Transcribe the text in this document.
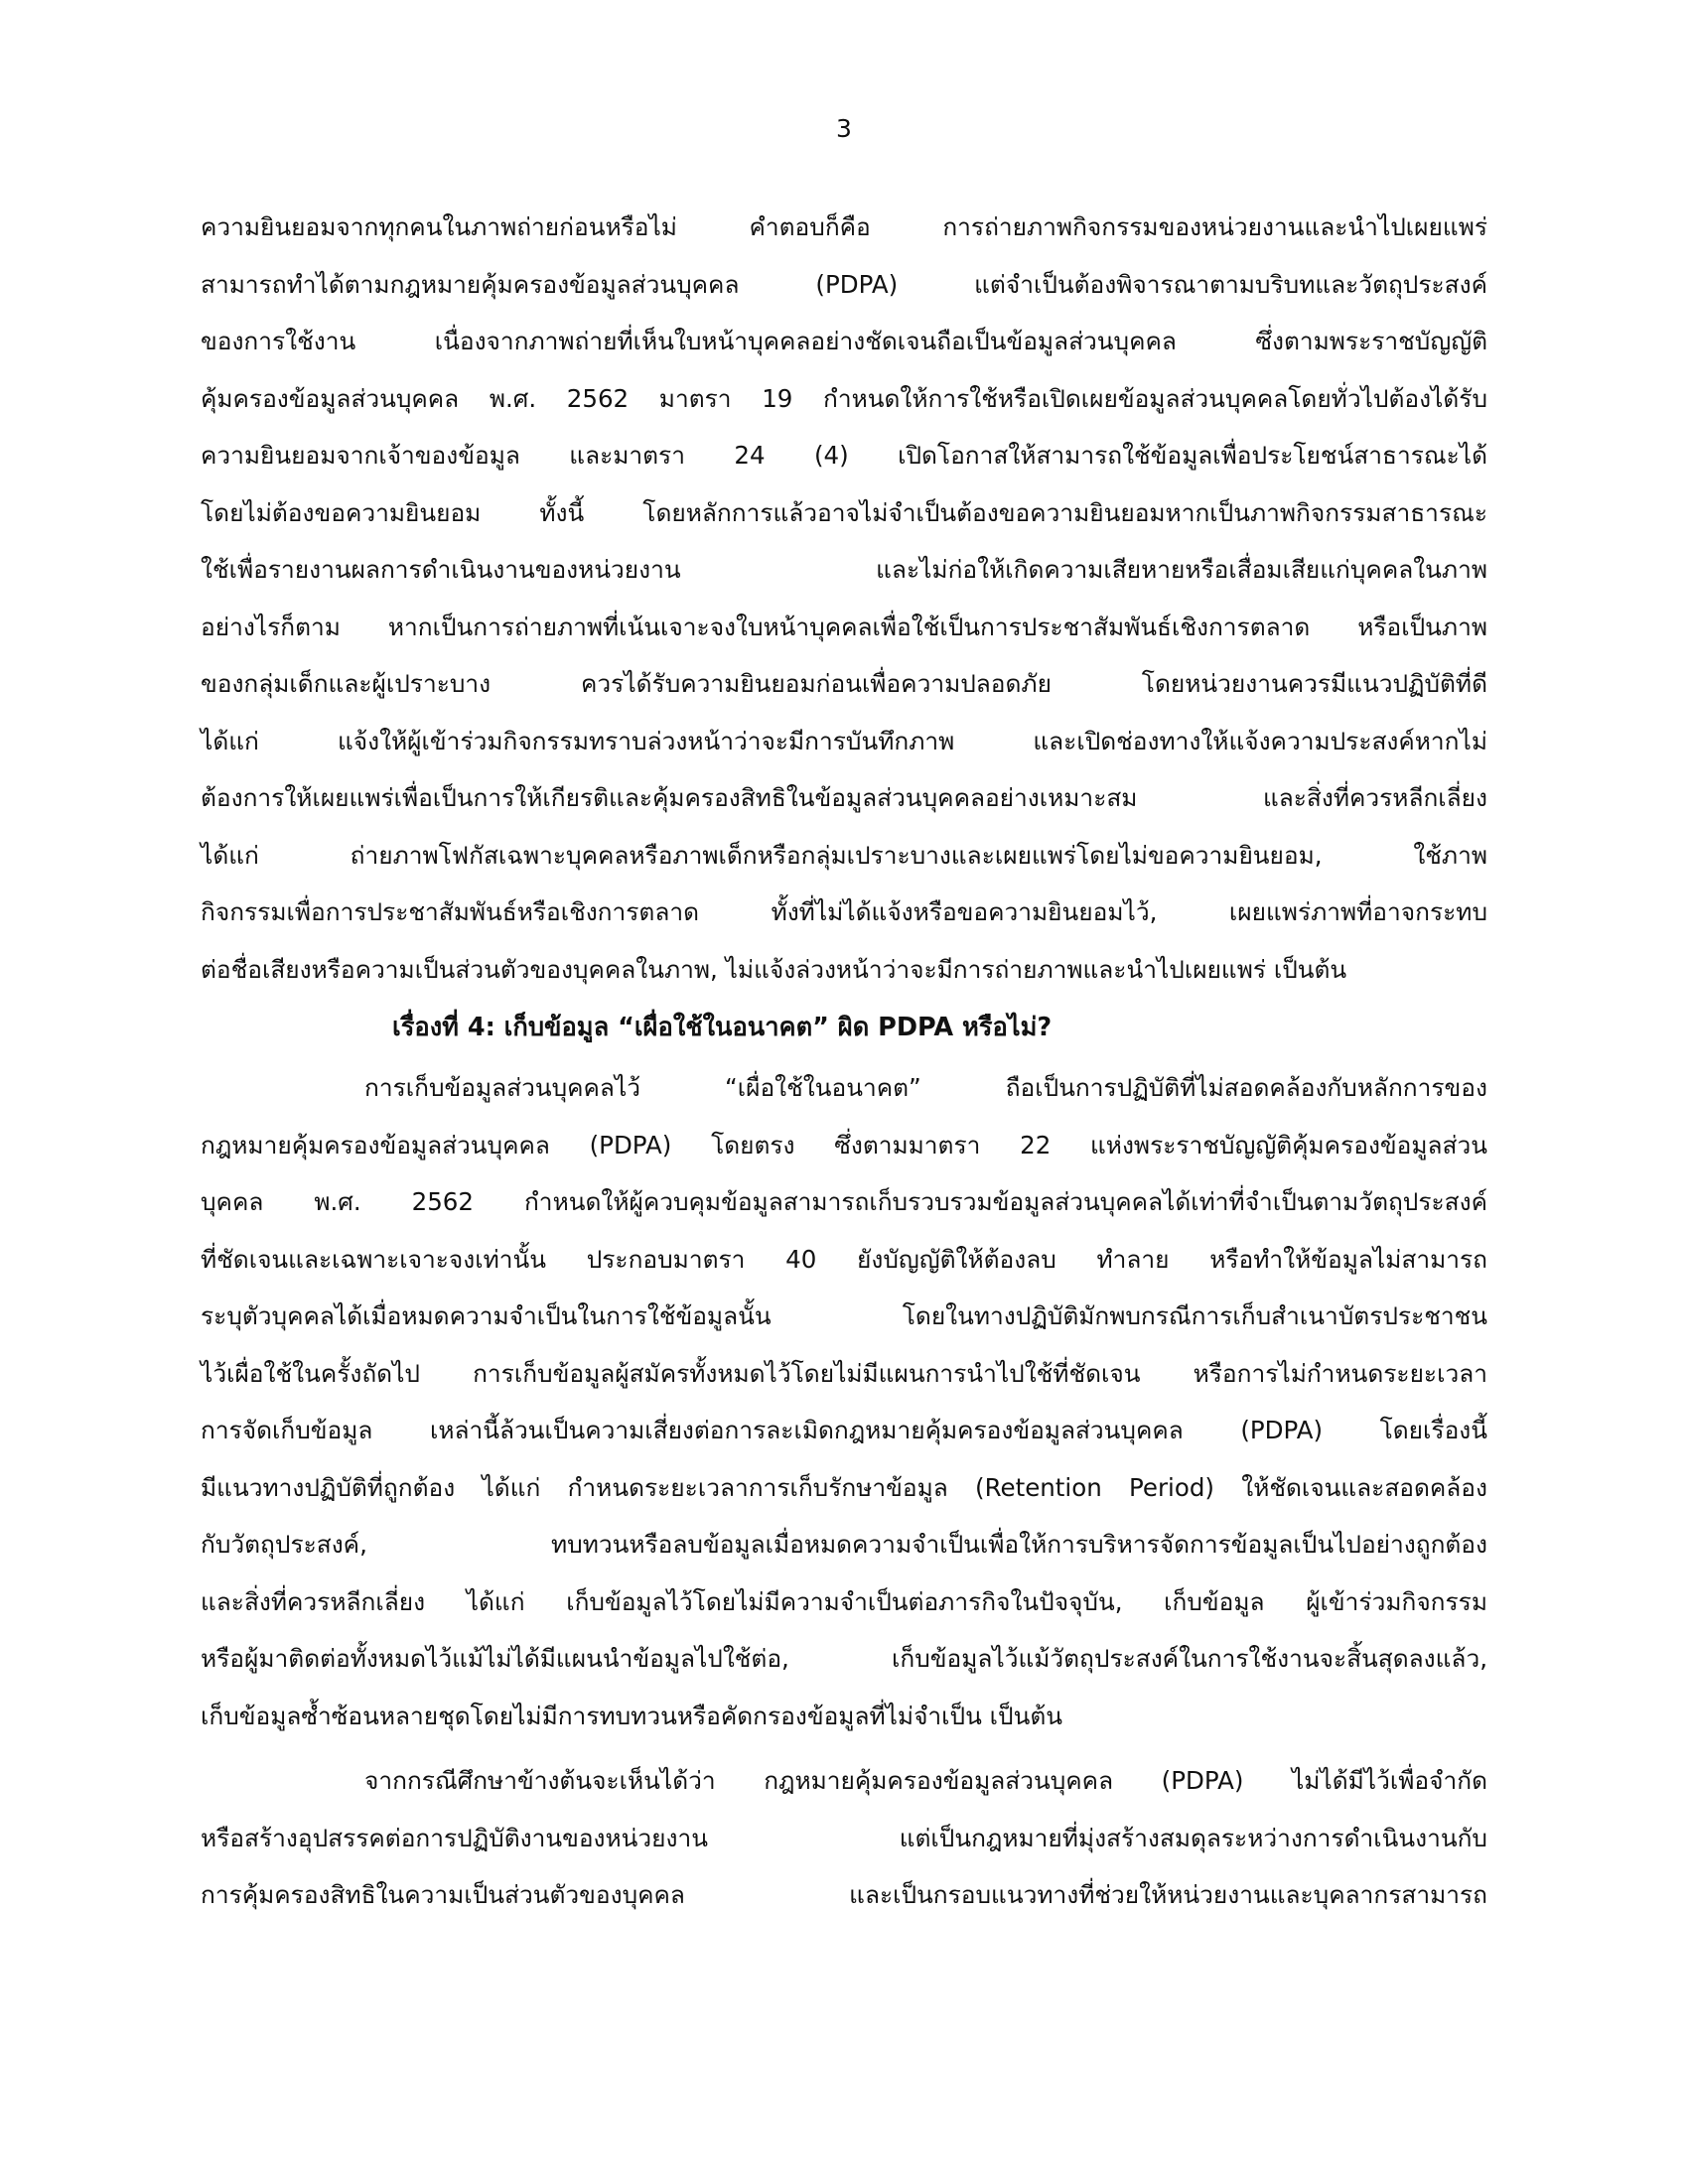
3
ความยินยอมจากทุกคนในภาพถ่ายก่อนหรือไม่ คำตอบก็คือ การถ่ายภาพกิจกรรมของหน่วยงานและนำไปเผยแพร่
สามารถทำได้ตามกฎหมายคุ้มครองข้อมูลส่วนบุคคล (PDPA) แต่จำเป็นต้องพิจารณาตามบริบทและวัตถุประสงค์
ของการใช้งาน เนื่องจากภาพถ่ายที่เห็นใบหน้าบุคคลอย่างชัดเจนถือเป็นข้อมูลส่วนบุคคล ซึ่งตามพระราชบัญญัติ
คุ้มครองข้อมูลส่วนบุคคล พ.ศ. 2562 มาตรา 19 กำหนดให้การใช้หรือเปิดเผยข้อมูลส่วนบุคคลโดยทั่วไปต้องได้รับ
ความยินยอมจากเจ้าของข้อมูล และมาตรา 24 (4) เปิดโอกาสให้สามารถใช้ข้อมูลเพื่อประโยชน์สาธารณะได้
โดยไม่ต้องขอความยินยอม ทั้งนี้ โดยหลักการแล้วอาจไม่จำเป็นต้องขอความยินยอมหากเป็นภาพกิจกรรมสาธารณะ
ใช้เพื่อรายงานผลการดำเนินงานของหน่วยงาน และไม่ก่อให้เกิดความเสียหายหรือเสื่อมเสียแก่บุคคลในภาพ
อย่างไรก็ตาม หากเป็นการถ่ายภาพที่เน้นเจาะจงใบหน้าบุคคลเพื่อใช้เป็นการประชาสัมพันธ์เชิงการตลาด หรือเป็นภาพ
ของกลุ่มเด็กและผู้เปราะบาง ควรได้รับความยินยอมก่อนเพื่อความปลอดภัย โดยหน่วยงานควรมีแนวปฏิบัติที่ดี
ได้แก่ แจ้งให้ผู้เข้าร่วมกิจกรรมทราบล่วงหน้าว่าจะมีการบันทึกภาพ และเปิดช่องทางให้แจ้งความประสงค์หากไม่
ต้องการให้เผยแพร่เพื่อเป็นการให้เกียรติและคุ้มครองสิทธิในข้อมูลส่วนบุคคลอย่างเหมาะสม และสิ่งที่ควรหลีกเลี่ยง
ได้แก่ ถ่ายภาพโฟกัสเฉพาะบุคคลหรือภาพเด็กหรือกลุ่มเปราะบางและเผยแพร่โดยไม่ขอความยินยอม, ใช้ภาพ
กิจกรรมเพื่อการประชาสัมพันธ์หรือเชิงการตลาด ทั้งที่ไม่ได้แจ้งหรือขอความยินยอมไว้, เผยแพร่ภาพที่อาจกระทบ
ต่อชื่อเสียงหรือความเป็นส่วนตัวของบุคคลในภาพ, ไม่แจ้งล่วงหน้าว่าจะมีการถ่ายภาพและนำไปเผยแพร่ เป็นต้น
เรื่องที่ 4: เก็บข้อมูล “เผื่อใช้ในอนาคต” ผิด PDPA หรือไม่?
การเก็บข้อมูลส่วนบุคคลไว้ “เผื่อใช้ในอนาคต” ถือเป็นการปฏิบัติที่ไม่สอดคล้องกับหลักการของ
กฎหมายคุ้มครองข้อมูลส่วนบุคคล (PDPA) โดยตรง ซึ่งตามมาตรา 22 แห่งพระราชบัญญัติคุ้มครองข้อมูลส่วน
บุคคล พ.ศ. 2562 กำหนดให้ผู้ควบคุมข้อมูลสามารถเก็บรวบรวมข้อมูลส่วนบุคคลได้เท่าที่จำเป็นตามวัตถุประสงค์
ที่ชัดเจนและเฉพาะเจาะจงเท่านั้น ประกอบมาตรา 40 ยังบัญญัติให้ต้องลบ ทำลาย หรือทำให้ข้อมูลไม่สามารถ
ระบุตัวบุคคลได้เมื่อหมดความจำเป็นในการใช้ข้อมูลนั้น โดยในทางปฏิบัติมักพบกรณีการเก็บสำเนาบัตรประชาชน
ไว้เผื่อใช้ในครั้งถัดไป การเก็บข้อมูลผู้สมัครทั้งหมดไว้โดยไม่มีแผนการนำไปใช้ที่ชัดเจน หรือการไม่กำหนดระยะเวลา
การจัดเก็บข้อมูล เหล่านี้ล้วนเป็นความเสี่ยงต่อการละเมิดกฎหมายคุ้มครองข้อมูลส่วนบุคคล (PDPA) โดยเรื่องนี้
มีแนวทางปฏิบัติที่ถูกต้อง ได้แก่ กำหนดระยะเวลาการเก็บรักษาข้อมูล (Retention Period) ให้ชัดเจนและสอดคล้อง
กับวัตถุประสงค์, ทบทวนหรือลบข้อมูลเมื่อหมดความจำเป็นเพื่อให้การบริหารจัดการข้อมูลเป็นไปอย่างถูกต้อง
และสิ่งที่ควรหลีกเลี่ยง ได้แก่ เก็บข้อมูลไว้โดยไม่มีความจำเป็นต่อภารกิจในปัจจุบัน, เก็บข้อมูล ผู้เข้าร่วมกิจกรรม
หรือผู้มาติดต่อทั้งหมดไว้แม้ไม่ได้มีแผนนำข้อมูลไปใช้ต่อ, เก็บข้อมูลไว้แม้วัตถุประสงค์ในการใช้งานจะสิ้นสุดลงแล้ว,
เก็บข้อมูลซ้ำซ้อนหลายชุดโดยไม่มีการทบทวนหรือคัดกรองข้อมูลที่ไม่จำเป็น เป็นต้น
จากกรณีศึกษาข้างต้นจะเห็นได้ว่า กฎหมายคุ้มครองข้อมูลส่วนบุคคล (PDPA) ไม่ได้มีไว้เพื่อจำกัด
หรือสร้างอุปสรรคต่อการปฏิบัติงานของหน่วยงาน แต่เป็นกฎหมายที่มุ่งสร้างสมดุลระหว่างการดำเนินงานกับ
การคุ้มครองสิทธิในความเป็นส่วนตัวของบุคคล และเป็นกรอบแนวทางที่ช่วยให้หน่วยงานและบุคลากรสามารถ
